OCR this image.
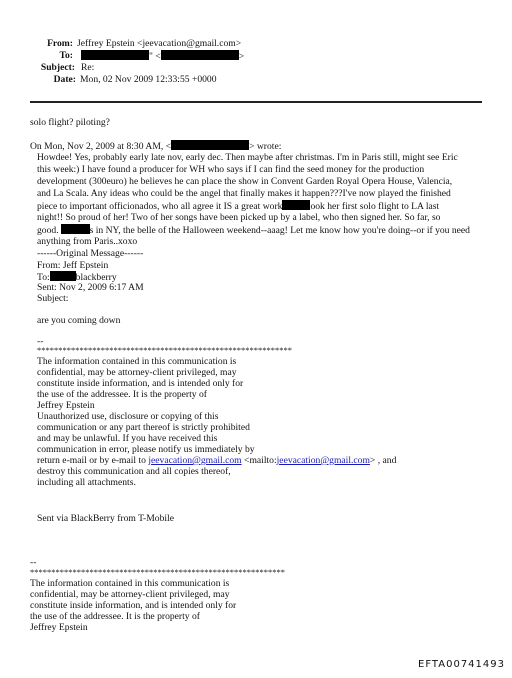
From: Jeffrey Epstein <jeevacation@gmail.com>
To:	" <	>
Subject: Re:
Date: Mon, 02 Nov 2009 12:33:55 +0000
solo flight? piloting?
On Mon, Nov 2, 2009 at 8:30 AM, <	> wrote:
Howdee! Yes, probably early late nov, early dec. Then maybe after christmas. I'm in Paris still, might see Eric
this week:) I have found a producer for WH who says if I can find the seed money for the production
development (300euro) he believes he can place the show in Convent Garden Royal Opera House, Valencia,
and La Scala. Any ideas who could be the angel that finally makes it happen???I've now played the finished
piece to important officionados, who all agree it IS a great work	ook her first solo flight to LA last
night!! So proud of her! Two of her songs have been picked up by a label, who then signed her. So far, so
good.	s in NY, the belle of the Halloween weekend--aaag! Let me know how you're doing--or if you need
anything from Paris..xoxo
------Original Message------
From: Jeff Epstein
To:	blackberry
Sent: Nov 2, 2009 6:17 AM
Subject:
are you coming down
--
************************************************************
The information contained in this communication is
confidential, may be attorney-client privileged, may
constitute inside information, and is intended only for
the use of the addressee. It is the property of
Jeffrey Epstein
Unauthorized use, disclosure or copying of this
communication or any part thereof is strictly prohibited
and may be unlawful. If you have received this
communication in error, please notify us immediately by
return e-mail or by e-mail to jeevacation@gmail.com <mailto:jeevacation@gmail.com> , and
destroy this communication and all copies thereof,
including all attachments.
Sent via BlackBerry from T-Mobile
--
************************************************************
The information contained in this communication is
confidential, may be attorney-client privileged, may
constitute inside information, and is intended only for
the use of the addressee. It is the property of
Jeffrey Epstein
EFTA00741493
